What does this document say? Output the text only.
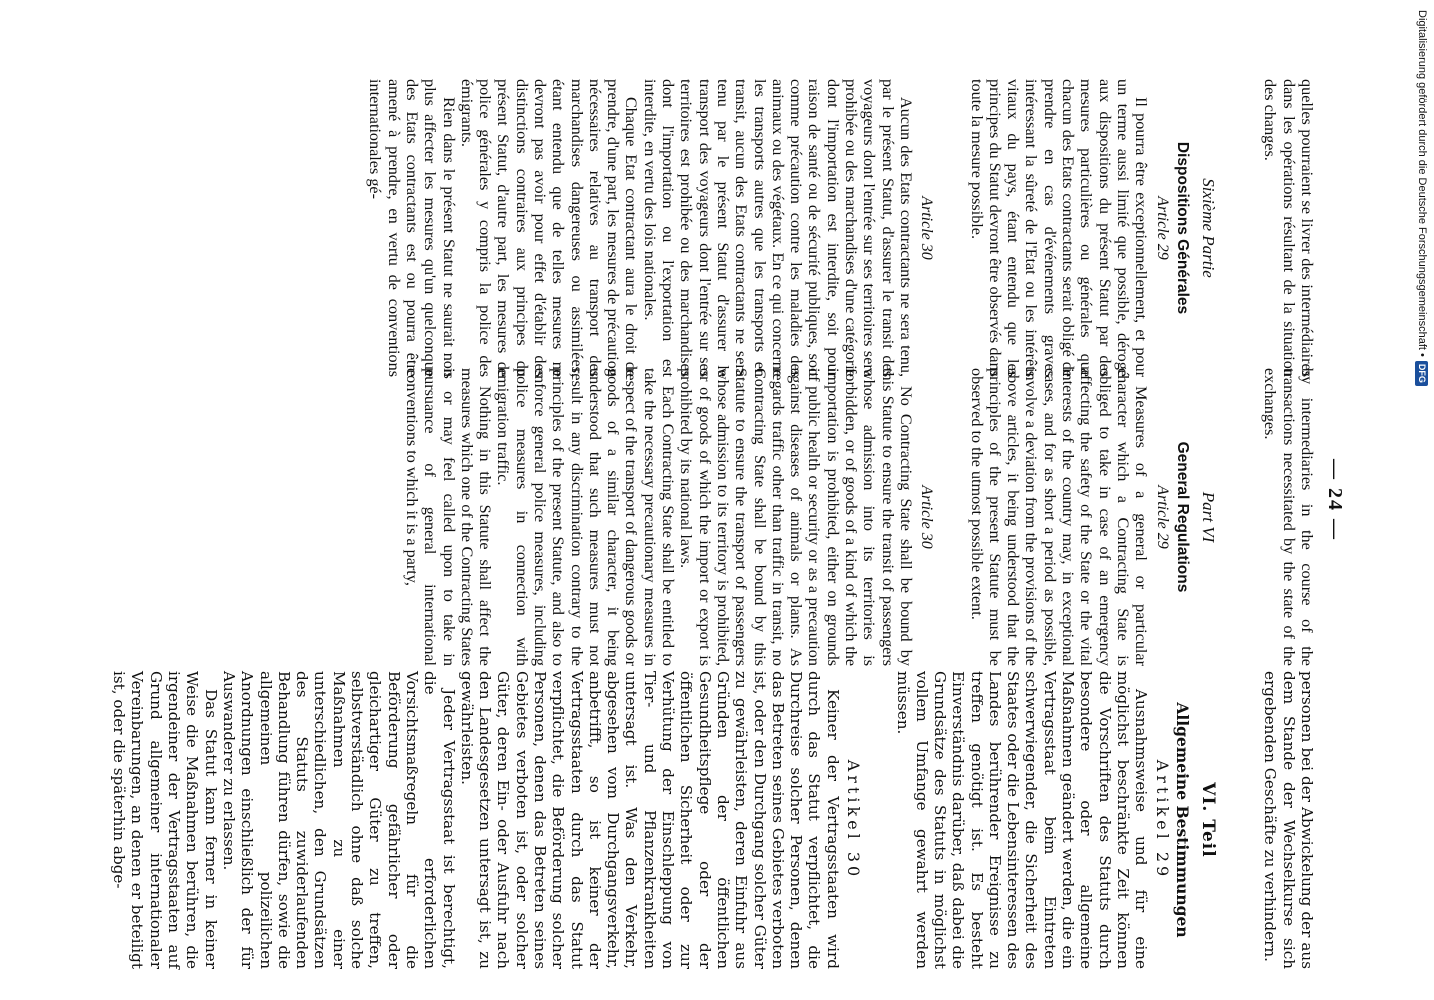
— 24 —

quelles pourraient se livrer des intermédiaires dans les opérations résultant de la situation des changes.

Sixième Partie
Dispositions Générales
Article 29

Il pourra être exceptionnellement, et pour un terme aussi limité que possible, dérogé aux dispositions du présent Statut par des mesures particulières ou générales que chacun des Etats contractants serait obligé de prendre en cas d'événements graves intéressant la sûreté de l'Etat ou les intérêts vitaux du pays, étant entendu que les principes du Statut devront être observés dans toute la mesure possible.

Article 30

Aucun des Etats contractants ne sera tenu, par le présent Statut, d'assurer le transit des voyageurs dont l'entrée sur ses territoires sera prohibée ou des marchandises d'une catégorie dont l'importation est interdite, soit pour raison de santé ou de sécurité publiques, soit comme précaution contre les maladies des animaux ou des végétaux. En ce qui concerne les transports autres que les transports en transit, aucun des Etats contractants ne sera tenu par le présent Statut d'assurer le transport des voyageurs dont l'entrée sur ses territoires est prohibée ou des marchandises dont l'importation ou l'exportation est interdite, en vertu des lois nationales.

Chaque Etat contractant aura le droit de prendre, d'une part, les mesures de précaution nécessaires relatives au transport des marchandises dangereuses ou assimilées, étant entendu que de telles mesures ne devront pas avoir pour effet d'établir des distinctions contraires aux principes du présent Statut, d'autre part, les mesures de police générales y compris la police des émigrants.

Rien dans le présent Statut ne saurait non plus affecter les mesures qu'un quelconque des Etats contractants est ou pourra être amené à prendre, en vertu de conventions internationales gé-

by intermediaries in the course of the transactions necessitated by the state of the exchanges.

Part VI
General Regulations
Article 29

Measures of a general or particular character which a Contracting State is obliged to take in case of an emergency affecting the safety of the State or the vital interests of the country may, in exceptional cases, and for as short a period as possible, involve a deviation from the provisions of the above articles, it being understood that the principles of the present Statute must be observed to the utmost possible extent.

Article 30

No Contracting State shall be bound by this Statute to ensure the transit of passengers whose admission into its territories is forbidden, or of goods of a kind of which the importation is prohibited, either on grounds of public health or security or as a precaution against diseases of animals or plants. As regards traffic other than traffic in transit, no Contracting State shall be bound by this Statute to ensure the transport of passengers whose admission to its territory is prohibited, or of goods of which the import or export is prohibited by its national laws.

Each Contracting State shall be entitled to take the necessary precautionary measures in respect of the transport of dangerous goods or goods of a similar character, it being understood that such measures must not result in any discrimination contrary to the principles of the present Statute, and also to enforce general police measures, including police measures in connection with emigration traffic.

Nothing in this Statute shall affect the measures which one of the Contracting States is or may feel called upon to take in pursuance of general international conventions to which it is a party,

personen bei der Abwickelung der aus dem Stande der Wechselkurse sich ergebenden Geschäfte zu verhindern.

VI. Teil
Allgemeine Bestimmungen
Artikel 29

Ausnahmsweise und für eine möglichst beschränkte Zeit können die Vorschriften des Statuts durch besondere oder allgemeine Maßnahmen geändert werden, die ein Vertragsstaat beim Eintreten schwerwiegender, die Sicherheit des Staates oder die Lebensinteressen des Landes berührender Ereignisse zu treffen genötigt ist. Es besteht Einverständnis darüber, daß dabei die Grundsätze des Statuts in möglichst vollem Umfange gewahrt werden müssen.

Artikel 30

Keiner der Vertragsstaaten wird durch das Statut verpflichtet, die Durchreise solcher Personen, denen das Betreten seines Gebietes verboten ist, oder den Durchgang solcher Güter zu gewährleisten, deren Einfuhr aus Gründen der öffentlichen Gesundheitspflege oder der öffentlichen Sicherheit oder zur Verhütung der Einschleppung von Tier- und Pflanzenkrankheiten untersagt ist. Was den Verkehr, abgesehen vom Durchgangsverkehr, anbetrifft, so ist keiner der Vertragsstaaten durch das Statut verpflichtet, die Beförderung solcher Personen, denen das Betreten seines Gebietes verboten ist, oder solcher Güter, deren Ein- oder Ausfuhr nach den Landesgesetzen untersagt ist, zu gewährleisten.

Jeder Vertragsstaat ist berechtigt, die erforderlichen Vorsichtsmaßregeln für die Beförderung gefährlicher oder gleichartiger Güter zu treffen, selbstverständlich ohne daß solche Maßnahmen zu einer unterschiedlichen, den Grundsätzen des Statuts zuwiderlaufenden Behandlung führen dürfen, sowie die allgemeinen polizeilichen Anordnungen einschließlich der für Auswanderer zu erlassen.

Das Statut kann ferner in keiner Weise die Maßnahmen berühren, die irgendeiner der Vertragsstaaten auf Grund allgemeiner internationaler Vereinbarungen, an denen er beteiligt ist, oder die späterhin abge-

Digitalisierung gefördert durch die Deutsche Forschungsgemeinschaft •
DFG
